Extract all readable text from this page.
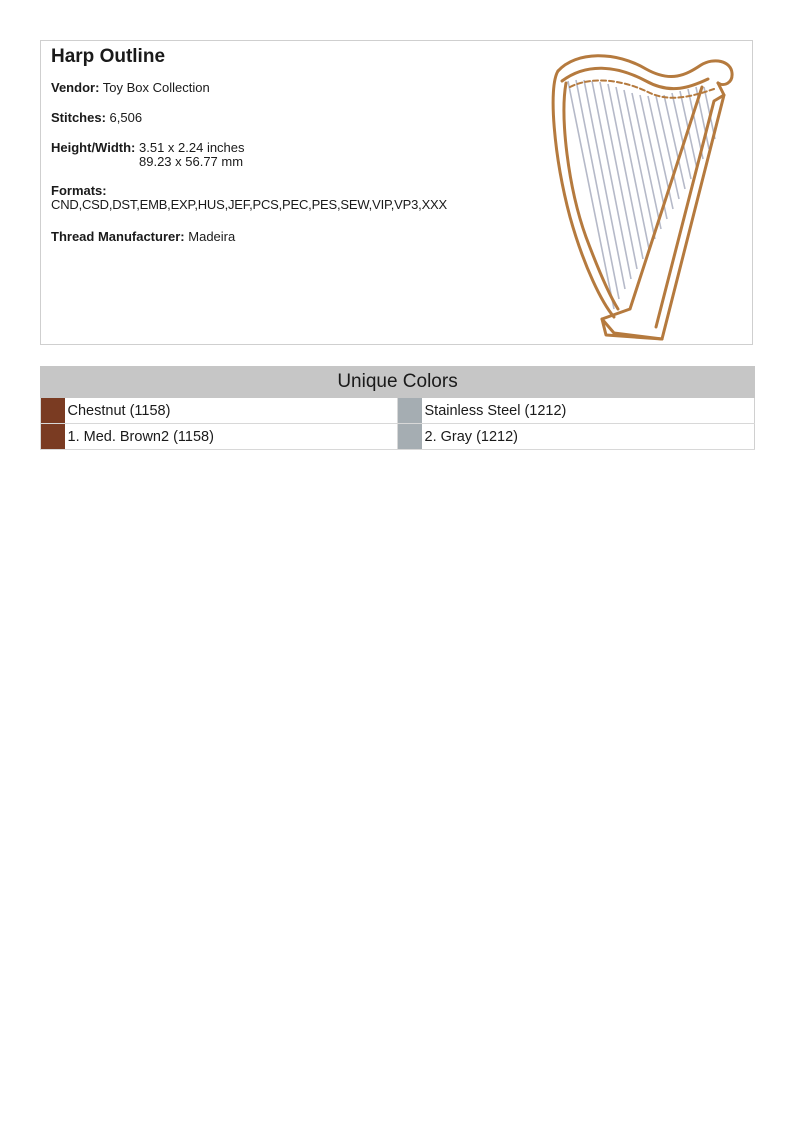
Harp Outline
Vendor: Toy Box Collection
Stitches: 6,506
Height/Width: 3.51 x 2.24 inches
89.23 x 56.77 mm
Formats:
CND,CSD,DST,EMB,EXP,HUS,JEF,PCS,PEC,PES,SEW,VIP,VP3,XXX
Thread Manufacturer: Madeira
Unique Colors			
	Chestnut (1158)		Stainless Steel (1212)
	1. Med. Brown2 (1158)		2. Gray (1212)
